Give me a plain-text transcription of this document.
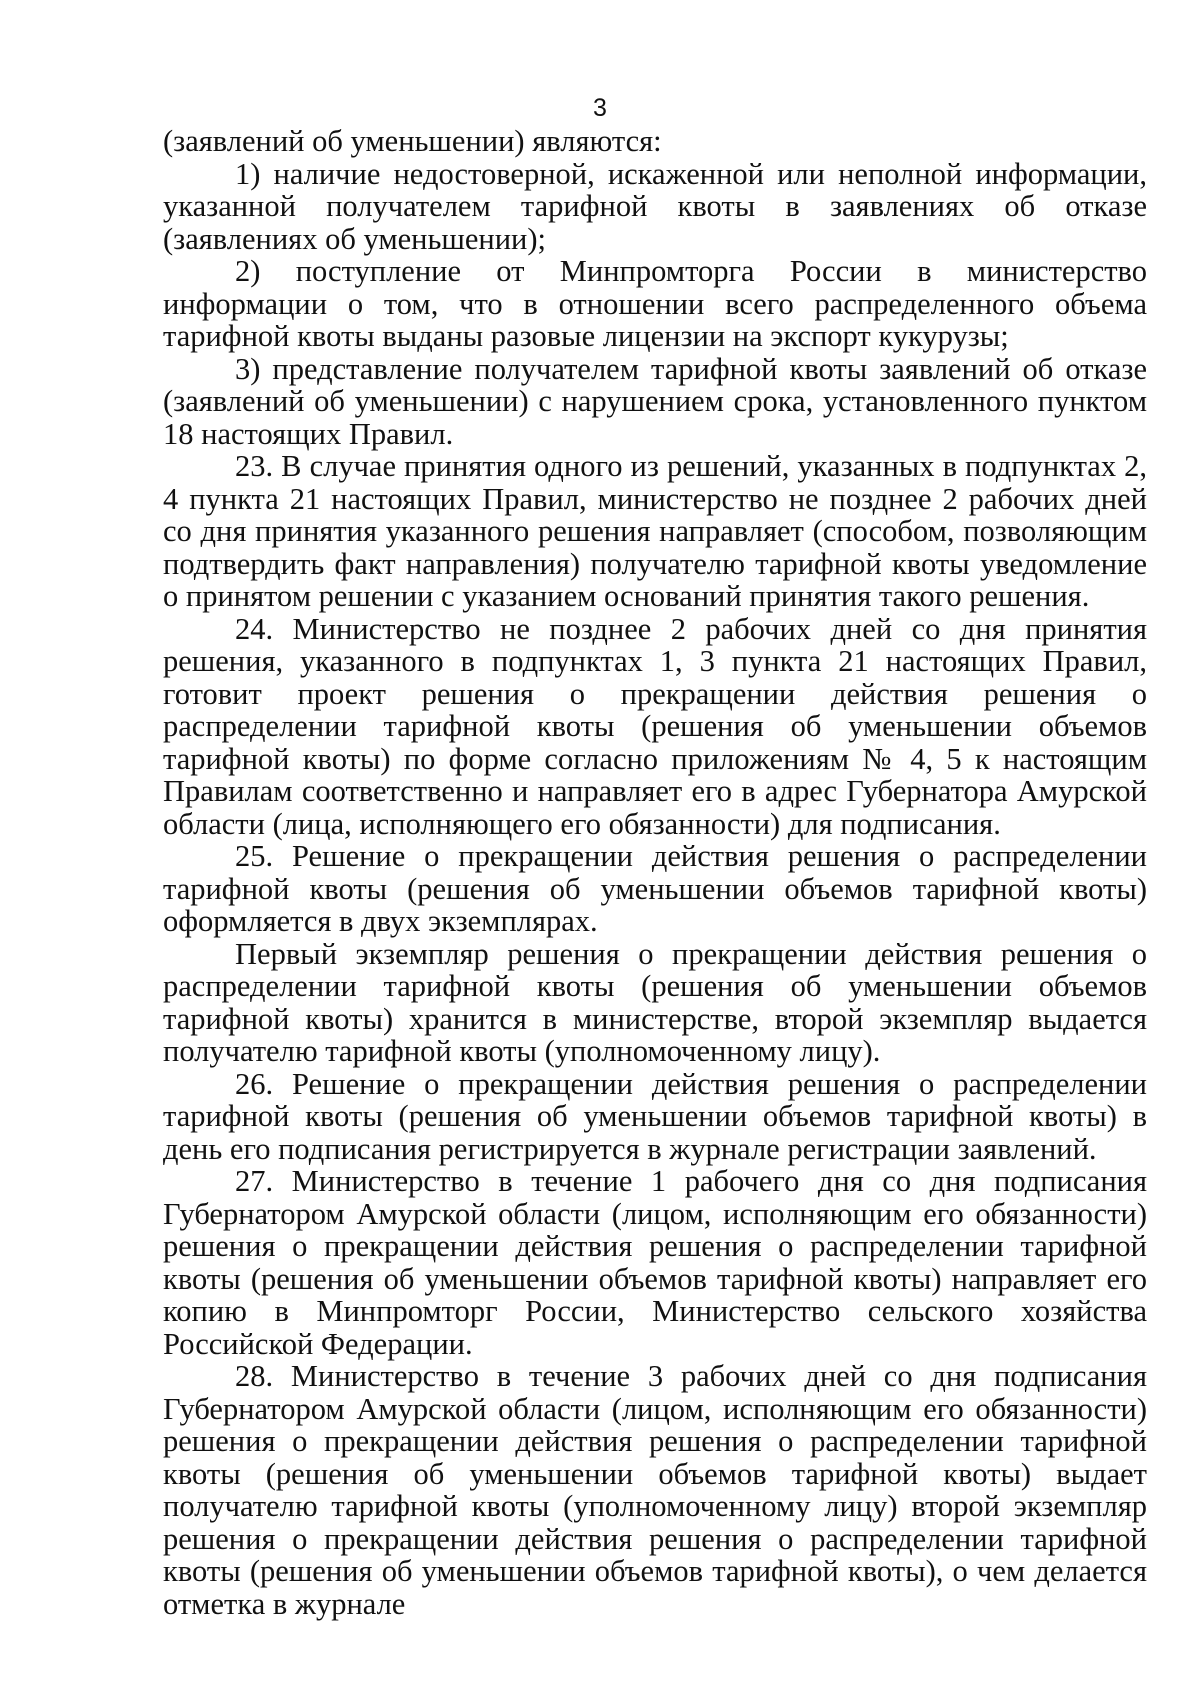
3

(заявлений об уменьшении) являются:

1) наличие недостоверной, искаженной или неполной информации, указанной получателем тарифной квоты в заявлениях об отказе (заявлениях об уменьшении);

2) поступление от Минпромторга России в министерство информации о том, что в отношении всего распределенного объема тарифной квоты выданы разовые лицензии на экспорт кукурузы;

3) представление получателем тарифной квоты заявлений об отказе (заявлений об уменьшении) с нарушением срока, установленного пунктом 18 настоящих Правил.

23. В случае принятия одного из решений, указанных в подпунктах 2, 4 пункта 21 настоящих Правил, министерство не позднее 2 рабочих дней со дня принятия указанного решения направляет (способом, позволяющим подтвердить факт направления) получателю тарифной квоты уведомление о принятом решении с указанием оснований принятия такого решения.

24. Министерство не позднее 2 рабочих дней со дня принятия решения, указанного в подпунктах 1, 3 пункта 21 настоящих Правил, готовит проект решения о прекращении действия решения о распределении тарифной квоты (решения об уменьшении объемов тарифной квоты) по форме согласно приложениям № 4, 5 к настоящим Правилам соответственно и направляет его в адрес Губернатора Амурской области (лица, исполняющего его обязанности) для подписания.

25. Решение о прекращении действия решения о распределении тарифной квоты (решения об уменьшении объемов тарифной квоты) оформляется в двух экземплярах.

Первый экземпляр решения о прекращении действия решения о распределении тарифной квоты (решения об уменьшении объемов тарифной квоты) хранится в министерстве, второй экземпляр выдается получателю тарифной квоты (уполномоченному лицу).

26. Решение о прекращении действия решения о распределении тарифной квоты (решения об уменьшении объемов тарифной квоты) в день его подписания регистрируется в журнале регистрации заявлений.

27. Министерство в течение 1 рабочего дня со дня подписания Губернатором Амурской области (лицом, исполняющим его обязанности) решения о прекращении действия решения о распределении тарифной квоты (решения об уменьшении объемов тарифной квоты) направляет его копию в Минпромторг России, Министерство сельского хозяйства Российской Федерации.

28. Министерство в течение 3 рабочих дней со дня подписания Губернатором Амурской области (лицом, исполняющим его обязанности) решения о прекращении действия решения о распределении тарифной квоты (решения об уменьшении объемов тарифной квоты) выдает получателю тарифной квоты (уполномоченному лицу) второй экземпляр решения о прекращении действия решения о распределении тарифной квоты (решения об уменьшении объемов тарифной квоты), о чем делается отметка в журнале
